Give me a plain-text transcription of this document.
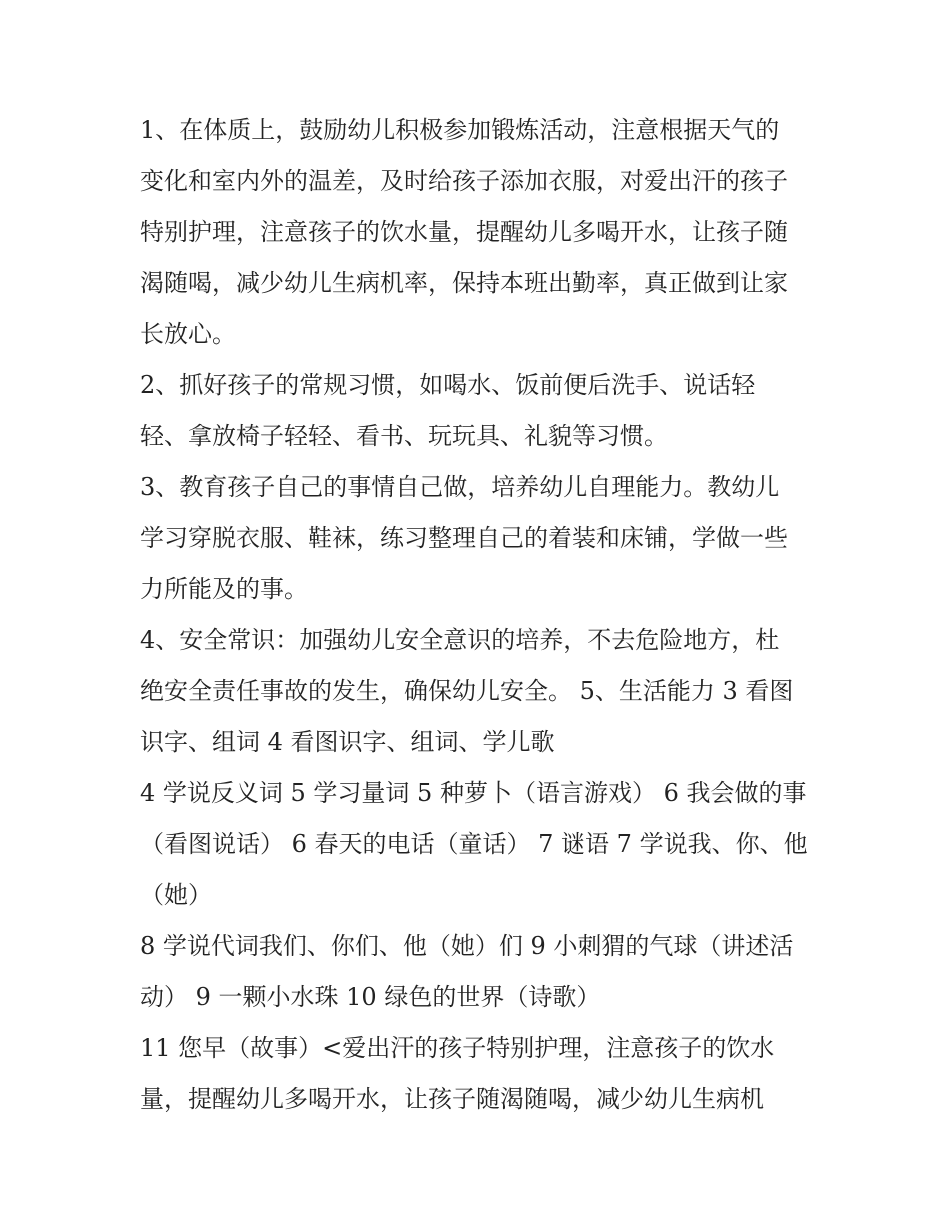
1、在体质上，鼓励幼儿积极参加锻炼活动，注意根据天气的
变化和室内外的温差，及时给孩子添加衣服，对爱出汗的孩子
特别护理，注意孩子的饮水量，提醒幼儿多喝开水，让孩子随
渴随喝，减少幼儿生病机率，保持本班出勤率，真正做到让家
长放心。
2、抓好孩子的常规习惯，如喝水、饭前便后洗手、说话轻
轻、拿放椅子轻轻、看书、玩玩具、礼貌等习惯。
3、教育孩子自己的事情自己做，培养幼儿自理能力。教幼儿
学习穿脱衣服、鞋袜，练习整理自己的着装和床铺，学做一些
力所能及的事。
4、安全常识：加强幼儿安全意识的培养，不去危险地方，杜
绝安全责任事故的发生，确保幼儿安全。 5、生活能力 3 看图
识字、组词 4 看图识字、组词、学儿歌
4 学说反义词 5 学习量词 5 种萝卜（语言游戏） 6 我会做的事
（看图说话） 6 春天的电话（童话） 7 谜语 7 学说我、你、他
（她）
8 学说代词我们、你们、他（她）们 9 小刺猬的气球（讲述活
动） 9 一颗小水珠 10 绿色的世界（诗歌）
11 您早（故事）<爱出汗的孩子特别护理，注意孩子的饮水
量，提醒幼儿多喝开水，让孩子随渴随喝，减少幼儿生病机
